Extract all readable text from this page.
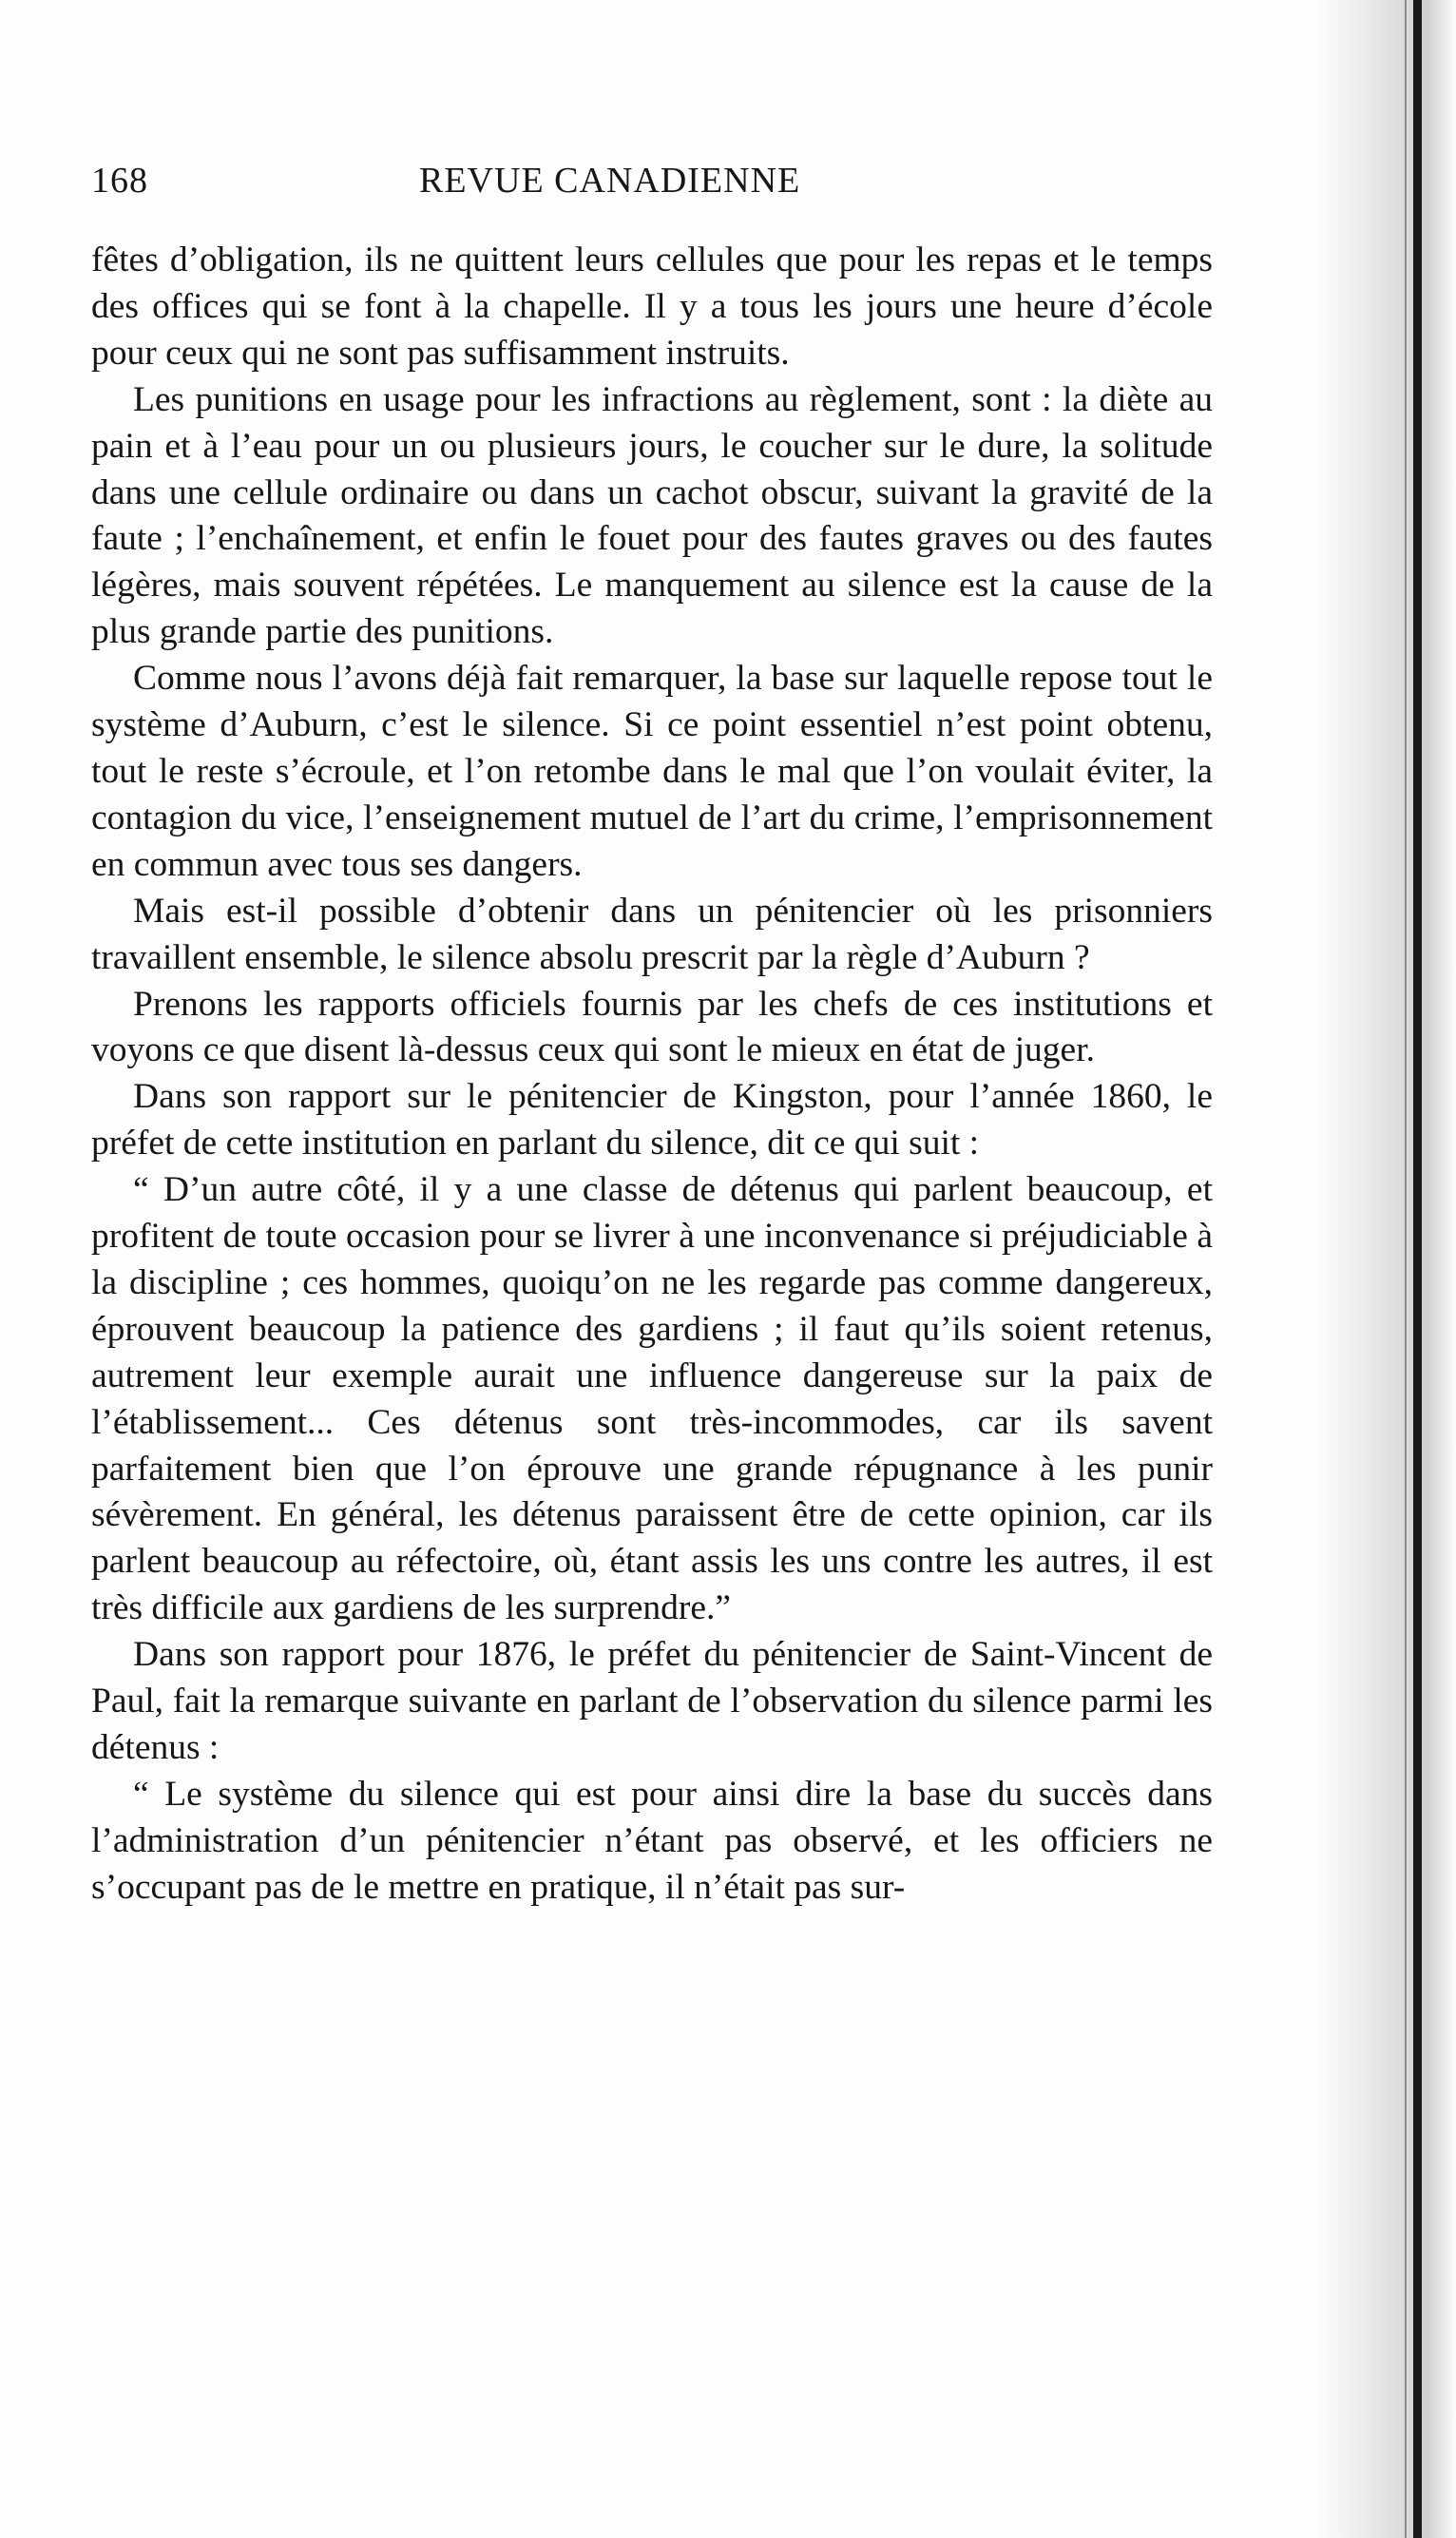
168	REVUE CANADIENNE

fêtes d’obligation, ils ne quittent leurs cellules que pour les repas et le temps des offices qui se font à la chapelle. Il y a tous les jours une heure d’école pour ceux qui ne sont pas suffisamment instruits.

Les punitions en usage pour les infractions au règlement, sont : la diète au pain et à l’eau pour un ou plusieurs jours, le coucher sur le dure, la solitude dans une cellule ordinaire ou dans un cachot obscur, suivant la gravité de la faute ; l’enchaînement, et enfin le fouet pour des fautes graves ou des fautes légères, mais souvent répétées. Le manquement au silence est la cause de la plus grande partie des punitions.

Comme nous l’avons déjà fait remarquer, la base sur laquelle repose tout le système d’Auburn, c’est le silence. Si ce point essentiel n’est point obtenu, tout le reste s’écroule, et l’on retombe dans le mal que l’on voulait éviter, la contagion du vice, l’enseignement mutuel de l’art du crime, l’emprisonnement en commun avec tous ses dangers.

Mais est-il possible d’obtenir dans un pénitencier où les prisonniers travaillent ensemble, le silence absolu prescrit par la règle d’Auburn ?

Prenons les rapports officiels fournis par les chefs de ces institutions et voyons ce que disent là-dessus ceux qui sont le mieux en état de juger.

Dans son rapport sur le pénitencier de Kingston, pour l’année 1860, le préfet de cette institution en parlant du silence, dit ce qui suit :

“ D’un autre côté, il y a une classe de détenus qui parlent beaucoup, et profitent de toute occasion pour se livrer à une inconvenance si préjudiciable à la discipline ; ces hommes, quoiqu’on ne les regarde pas comme dangereux, éprouvent beaucoup la patience des gardiens ; il faut qu’ils soient retenus, autrement leur exemple aurait une influence dangereuse sur la paix de l’établissement... Ces détenus sont très-incommodes, car ils savent parfaitement bien que l’on éprouve une grande répugnance à les punir sévèrement. En général, les détenus paraissent être de cette opinion, car ils parlent beaucoup au réfectoire, où, étant assis les uns contre les autres, il est très difficile aux gardiens de les surprendre.”

Dans son rapport pour 1876, le préfet du pénitencier de Saint-Vincent de Paul, fait la remarque suivante en parlant de l’observation du silence parmi les détenus :

“ Le système du silence qui est pour ainsi dire la base du succès dans l’administration d’un pénitencier n’étant pas observé, et les officiers ne s’occupant pas de le mettre en pratique, il n’était pas sur-
